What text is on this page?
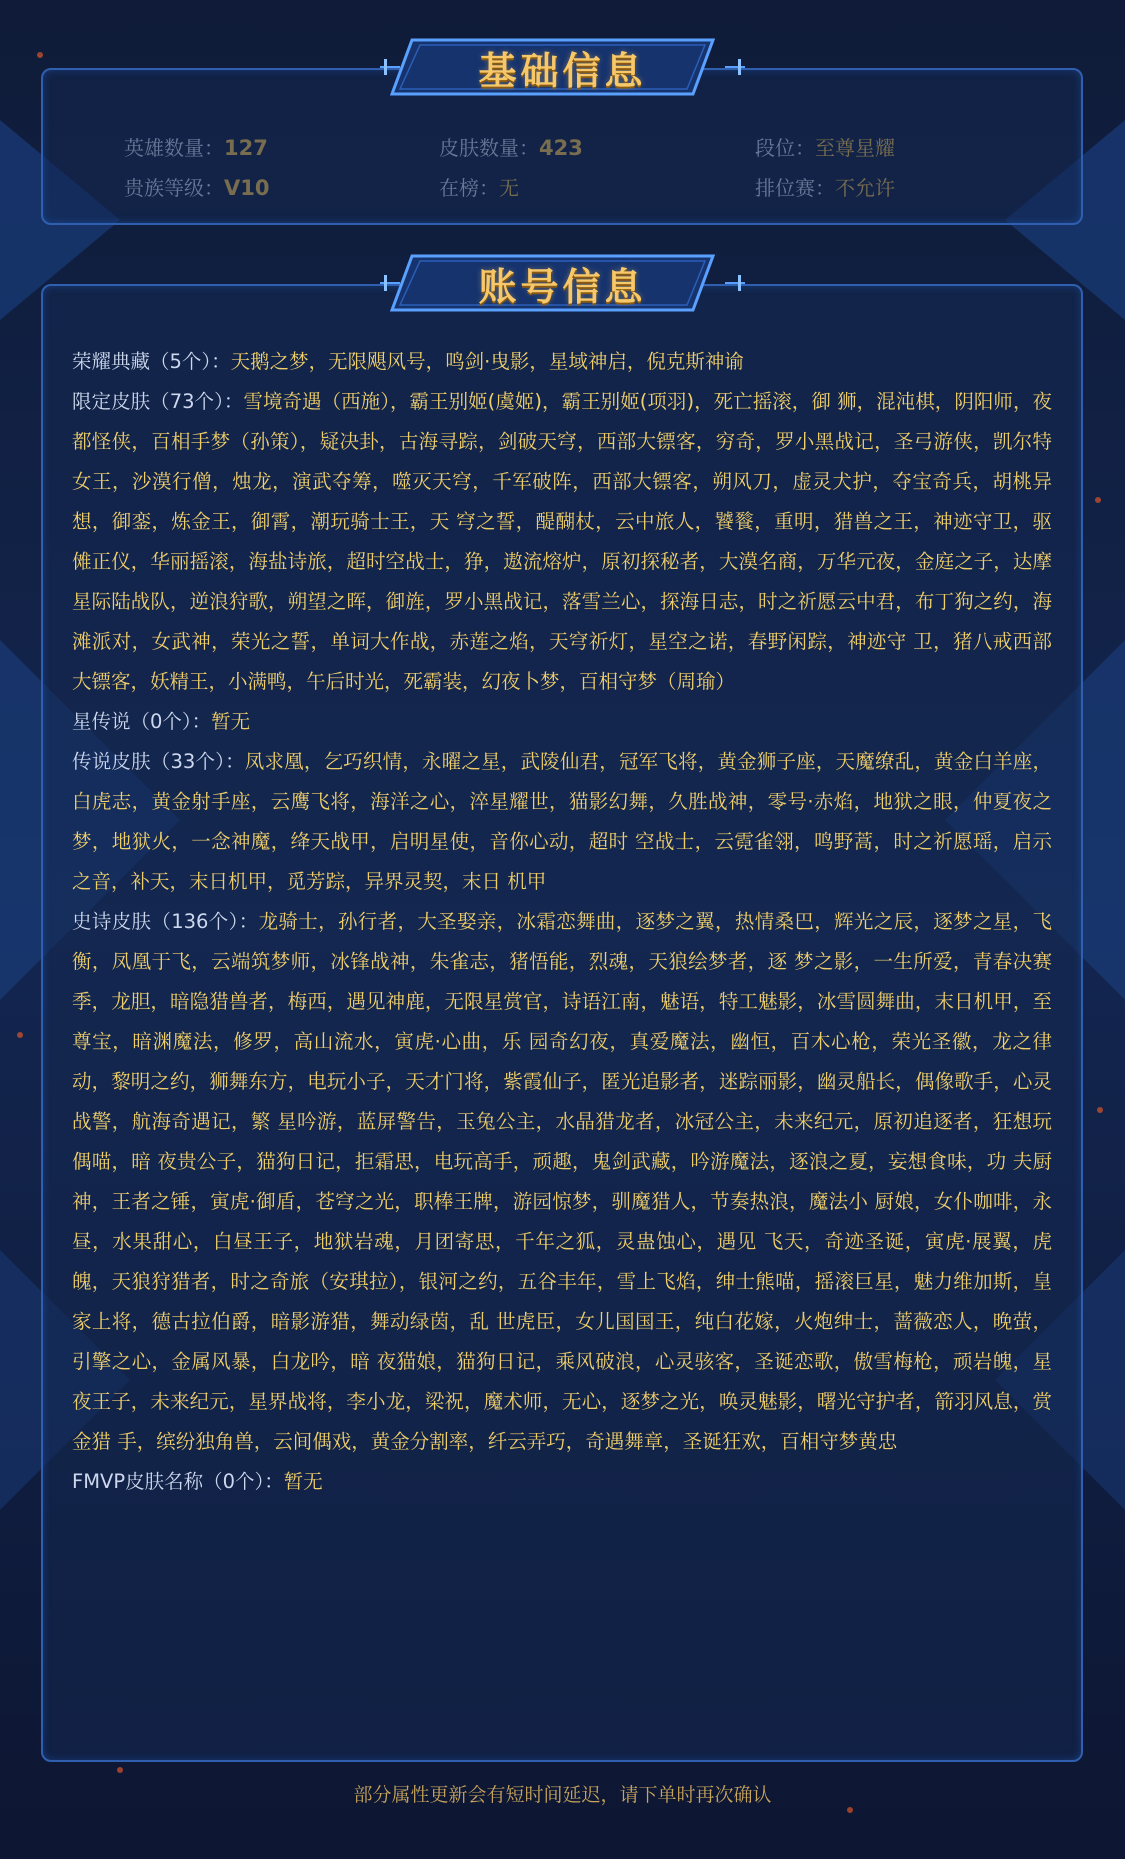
基础信息
账号信息

荣耀典藏（5个）：天鹅之梦，无限飓风号，鸣剑·曳影，星域神启，倪克斯神谕

限定皮肤（73个）：雪境奇遇（西施），霸王别姬(虞姬)，霸王别姬(项羽)，死亡摇滚，御 狮，混沌棋，阴阳师，夜都怪侠，百相手梦（孙策），疑决卦，古海寻踪，剑破天穹，西部大镖客，穷奇，罗小黑战记，圣弓游侠，凯尔特女王，沙漠行僧，烛龙，演武夺筹，噬灭天穹，千军破阵，西部大镖客，朔风刀，虚灵犬护，夺宝奇兵，胡桃异想，御銮，炼金王，御霄，潮玩骑士王，天 穹之誓，醍醐杖，云中旅人，饕餮，重明，猎兽之王，神迹守卫，驱傩正仪，华丽摇滚，海盐诗旅，超时空战士，狰，遨流熔炉，原初探秘者，大漠名商，万华元夜，金庭之子，达摩星际陆战队，逆浪狩歌，朔望之晖，御旌，罗小黑战记，落雪兰心，探海日志，时之祈愿云中君，布丁狗之约，海滩派对，女武神，荣光之誓，单词大作战，赤莲之焰，天穹祈灯，星空之诺，春野闲踪，神迹守 卫，猪八戒西部大镖客，妖精王，小满鸭，午后时光，死霸装，幻夜卜梦，百相守梦（周瑜）

星传说（0个）：暂无

传说皮肤（33个）：凤求凰，乞巧织情，永曜之星，武陵仙君，冠军飞将，黄金狮子座，天魔缭乱，黄金白羊座，白虎志，黄金射手座，云鹰飞将，海洋之心，淬星耀世，猫影幻舞，久胜战神，零号·赤焰，地狱之眼，仲夏夜之梦，地狱火，一念神魔，绛天战甲，启明星使，音你心动，超时 空战士，云霓雀翎，鸣野蒿，时之祈愿瑶，启示之音，补天，末日机甲，觅芳踪，异界灵契，末日 机甲

史诗皮肤（136个）：龙骑士，孙行者，大圣娶亲，冰霜恋舞曲，逐梦之翼，热情桑巴，辉光之辰，逐梦之星，飞衡，凤凰于飞，云端筑梦师，冰锋战神，朱雀志，猪悟能，烈魂，天狼绘梦者，逐 梦之影，一生所爱，青春决赛季，龙胆，暗隐猎兽者，梅西，遇见神鹿，无限星赏官，诗语江南，魅语，特工魅影，冰雪圆舞曲，末日机甲，至尊宝，暗渊魔法，修罗，高山流水，寅虎·心曲，乐 园奇幻夜，真爱魔法，幽恒，百木心枪，荣光圣徽，龙之律动，黎明之约，狮舞东方，电玩小子，天才门将，紫霞仙子，匿光追影者，迷踪丽影，幽灵船长，偶像歌手，心灵战警，航海奇遇记，繁 星吟游，蓝屏警告，玉兔公主，水晶猎龙者，冰冠公主，未来纪元，原初追逐者，狂想玩偶喵，暗 夜贵公子，猫狗日记，拒霜思，电玩高手，顽趣，鬼剑武藏，吟游魔法，逐浪之夏，妄想食味，功 夫厨神，王者之锤，寅虎·御盾，苍穹之光，职棒王牌，游园惊梦，驯魔猎人，节奏热浪，魔法小 厨娘，女仆咖啡，永昼，水果甜心，白昼王子，地狱岩魂，月团寄思，千年之狐，灵蛊蚀心，遇见 飞天，奇迹圣诞，寅虎·展翼，虎魄，天狼狩猎者，时之奇旅（安琪拉），银河之约，五谷丰年，雪上飞焰，绅士熊喵，摇滚巨星，魅力维加斯，皇家上将，德古拉伯爵，暗影游猎，舞动绿茵，乱 世虎臣，女儿国国王，纯白花嫁，火炮绅士，蔷薇恋人，晚萤，引擎之心，金属风暴，白龙吟，暗 夜猫娘，猫狗日记，乘风破浪，心灵骇客，圣诞恋歌，傲雪梅枪，顽岩魄，星夜王子，未来纪元，星界战将，李小龙，梁祝，魔术师，无心，逐梦之光，唤灵魅影，曙光守护者，箭羽风息，赏金猎 手，缤纷独角兽，云间偶戏，黄金分割率，纤云弄巧，奇遇舞章，圣诞狂欢，百相守梦黄忠

FMVP皮肤名称（0个）：暂无

部分属性更新会有短时间延迟，请下单时再次确认
